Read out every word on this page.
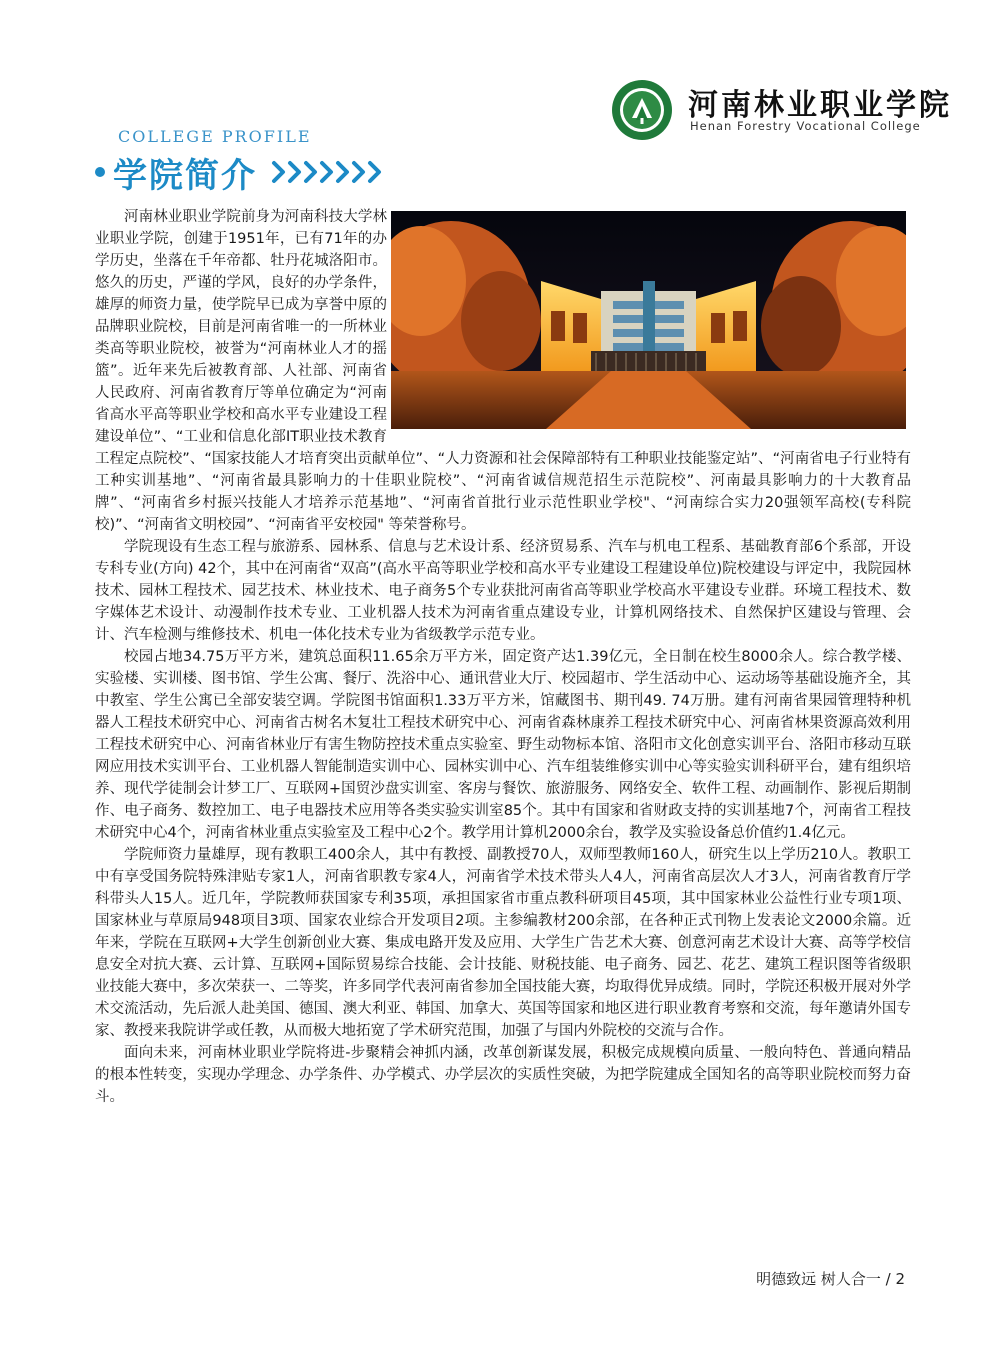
河南林业职业学院
Henan Forestry Vocational College
COLLEGE PROFILE
学院简介

河南林业职业学院前身为河南科技大学林业职业学院，创建于1951年，已有71年的办学历史，坐落在千年帝都、牡丹花城洛阳市。悠久的历史，严谨的学风，良好的办学条件，雄厚的师资力量，使学院早已成为享誉中原的品牌职业院校，目前是河南省唯一的一所林业类高等职业院校，被誉为“河南林业人才的摇篮”。近年来先后被教育部、人社部、河南省人民政府、河南省教育厅等单位确定为“河南省高水平高等职业学校和高水平专业建设工程建设单位”、“工业和信息化部IT职业技术教育工程定点院校”、“国家技能人才培育突出贡献单位”、“人力资源和社会保障部特有工种职业技能鉴定站”、“河南省电子行业特有工种实训基地”、“河南省最具影响力的十佳职业院校”、“河南省诚信规范招生示范院校”、河南最具影响力的十大教育品牌”、“河南省乡村振兴技能人才培养示范基地”、“河南省首批行业示范性职业学校"、“河南综合实力20强领军高校(专科院校)”、“河南省文明校园”、“河南省平安校园" 等荣誉称号。

学院现设有生态工程与旅游系、园林系、信息与艺术设计系、经济贸易系、汽车与机电工程系、基础教育部6个系部，开设专科专业(方向) 42个，其中在河南省“双高”(高水平高等职业学校和高水平专业建设工程建设单位)院校建设与评定中，我院园林技术、园林工程技术、园艺技术、林业技术、电子商务5个专业获批河南省高等职业学校高水平建设专业群。环境工程技术、数字媒体艺术设计、动漫制作技术专业、工业机器人技术为河南省重点建设专业，计算机网络技术、自然保护区建设与管理、会计、汽车检测与维修技术、机电一体化技术专业为省级教学示范专业。

校园占地34.75万平方米，建筑总面积11.65余万平方米，固定资产达1.39亿元，全日制在校生8000余人。综合教学楼、实验楼、实训楼、图书馆、学生公寓、餐厅、洗浴中心、通讯营业大厅、校园超市、学生活动中心、运动场等基础设施齐全，其中教室、学生公寓已全部安装空调。学院图书馆面积1.33万平方米，馆藏图书、期刊49. 74万册。建有河南省果园管理特种机器人工程技术研究中心、河南省古树名木复壮工程技术研究中心、河南省森林康养工程技术研究中心、河南省林果资源高效利用工程技术研究中心、河南省林业厅有害生物防控技术重点实验室、野生动物标本馆、洛阳市文化创意实训平台、洛阳市移动互联网应用技术实训平台、工业机器人智能制造实训中心、园林实训中心、汽车组装维修实训中心等实验实训科研平台，建有组织培养、现代学徒制会计梦工厂、互联网+国贸沙盘实训室、客房与餐饮、旅游服务、网络安全、软件工程、动画制作、影视后期制作、电子商务、数控加工、电子电器技术应用等各类实验实训室85个。其中有国家和省财政支持的实训基地7个，河南省工程技术研究中心4个，河南省林业重点实验室及工程中心2个。教学用计算机2000余台，教学及实验设备总价值约1.4亿元。

学院师资力量雄厚，现有教职工400余人，其中有教授、副教授70人，双师型教师160人，研究生以上学历210人。教职工中有享受国务院特殊津贴专家1人，河南省职教专家4人，河南省学术技术带头人4人，河南省高层次人才3人，河南省教育厅学科带头人15人。近几年，学院教师获国家专利35项，承担国家省市重点教科研项目45项，其中国家林业公益性行业专项1项、国家林业与草原局948项目3项、国家农业综合开发项目2项。主参编教材200余部，在各种正式刊物上发表论文2000余篇。近年来，学院在互联网+大学生创新创业大赛、集成电路开发及应用、大学生广告艺术大赛、创意河南艺术设计大赛、高等学校信息安全对抗大赛、云计算、互联网+国际贸易综合技能、会计技能、财税技能、电子商务、园艺、花艺、建筑工程识图等省级职业技能大赛中，多次荣获一、二等奖，许多同学代表河南省参加全国技能大赛，均取得优异成绩。同时，学院还积极开展对外学术交流活动，先后派人赴美国、德国、澳大利亚、韩国、加拿大、英国等国家和地区进行职业教育考察和交流，每年邀请外国专家、教授来我院讲学或任教，从而极大地拓宽了学术研究范围，加强了与国内外院校的交流与合作。

面向未来，河南林业职业学院将进-步聚精会神抓内涵，改革创新谋发展，积极完成规模向质量、一般向特色、普通向精品的根本性转变，实现办学理念、办学条件、办学模式、办学层次的实质性突破，为把学院建成全国知名的高等职业院校而努力奋斗。

明德致远 树人合一 / 2
